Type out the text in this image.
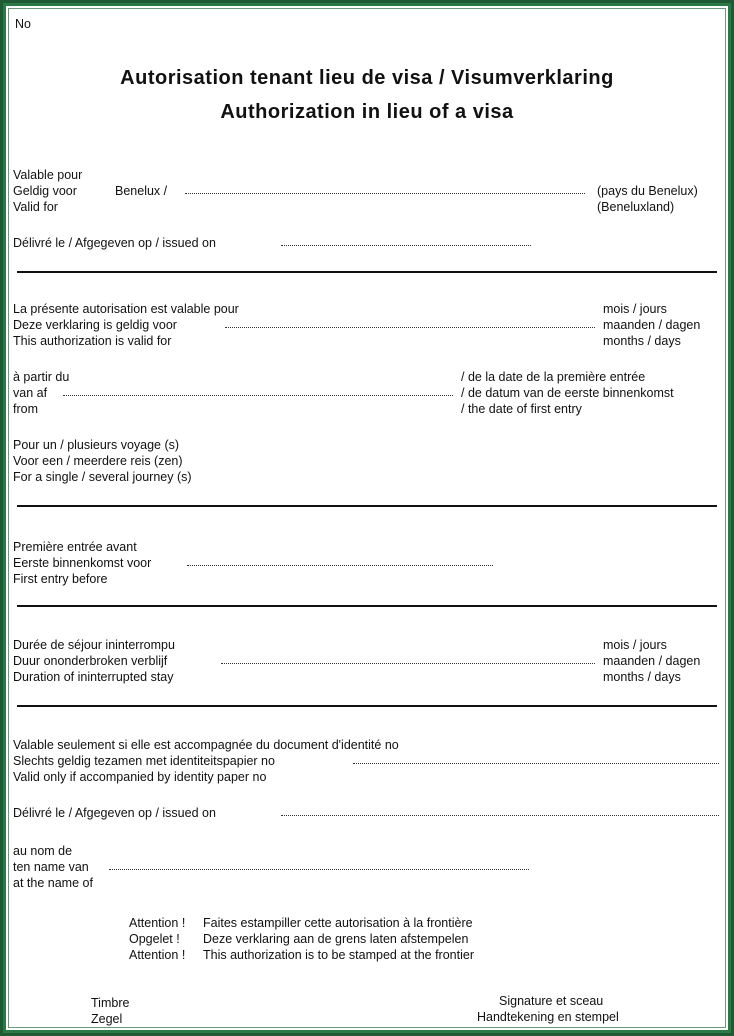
No
Autorisation tenant lieu de visa / Visumverklaring
Authorization in lieu of a visa
Valable pour
Geldig voor
Valid for
Benelux /	(pays du Benelux)
(Beneluxland)
Délivré le / Afgegeven op / issued on
La présente autorisation est valable pour
Deze verklaring is geldig voor
This authorization is valid for
mois / jours
maanden / dagen
months / days
à partir du
van af
from
/ de la date de la première entrée
/ de datum van de eerste binnenkomst
/ the date of first entry
Pour un / plusieurs voyage (s)
Voor een / meerdere reis (zen)
For a single / several journey (s)
Première entrée avant
Eerste binnenkomst voor
First entry before
Durée de séjour ininterrompu
Duur ononderbroken verblijf
Duration of ininterrupted stay
mois / jours
maanden / dagen
months / days
Valable seulement si elle est accompagnée du document d'identité no
Slechts geldig tezamen met identiteitspapier no
Valid only if accompanied by identity paper no
Délivré le / Afgegeven op / issued on
au nom de
ten name van
at the name of
Attention ! Faites estampiller cette autorisation à la frontière
Opgelet ! Deze verklaring aan de grens laten afstempelen
Attention ! This authorization is to be stamped at the frontier
Timbre
Zegel
Signature et sceau
Handtekening en stempel
